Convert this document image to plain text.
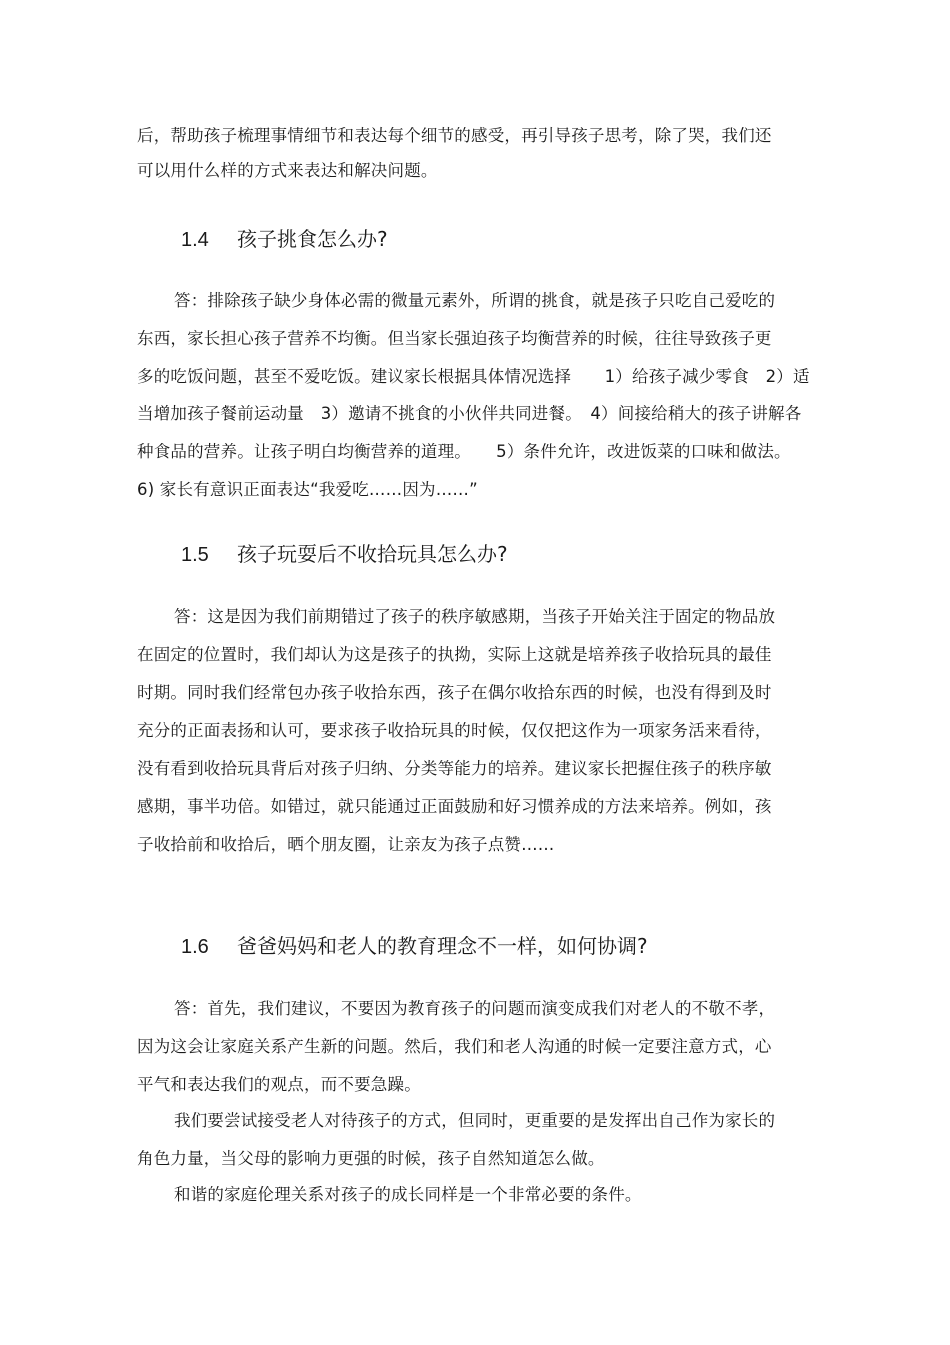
后，帮助孩子梳理事情细节和表达每个细节的感受，再引导孩子思考，除了哭，我们还
可以用什么样的方式来表达和解决问题。
1.4 孩子挑食怎么办?
答：排除孩子缺少身体必需的微量元素外，所谓的挑食，就是孩子只吃自己爱吃的
东西，家长担心孩子营养不均衡。但当家长强迫孩子均衡营养的时候，往往导致孩子更
多的吃饭问题，甚至不爱吃饭。建议家长根据具体情况选择　　1）给孩子减少零食　2）适
当增加孩子餐前运动量　3）邀请不挑食的小伙伴共同进餐。　4）间接给稍大的孩子讲解各
种食品的营养。让孩子明白均衡营养的道理。　　5）条件允许，改进饭菜的口味和做法。
6) 家长有意识正面表达“我爱吃……因为……”
1.5 孩子玩耍后不收拾玩具怎么办?
答：这是因为我们前期错过了孩子的秩序敏感期，当孩子开始关注于固定的物品放
在固定的位置时，我们却认为这是孩子的执拗，实际上这就是培养孩子收拾玩具的最佳
时期。同时我们经常包办孩子收拾东西，孩子在偶尔收拾东西的时候，也没有得到及时
充分的正面表扬和认可，要求孩子收拾玩具的时候，仅仅把这作为一项家务活来看待，
没有看到收拾玩具背后对孩子归纳、分类等能力的培养。建议家长把握住孩子的秩序敏
感期，事半功倍。如错过，就只能通过正面鼓励和好习惯养成的方法来培养。例如，孩
子收拾前和收拾后，晒个朋友圈，让亲友为孩子点赞……
1.6 爸爸妈妈和老人的教育理念不一样，如何协调?
答：首先，我们建议，不要因为教育孩子的问题而演变成我们对老人的不敬不孝，
因为这会让家庭关系产生新的问题。然后，我们和老人沟通的时候一定要注意方式，心
平气和表达我们的观点，而不要急躁。
我们要尝试接受老人对待孩子的方式，但同时，更重要的是发挥出自己作为家长的
角色力量，当父母的影响力更强的时候，孩子自然知道怎么做。
和谐的家庭伦理关系对孩子的成长同样是一个非常必要的条件。
